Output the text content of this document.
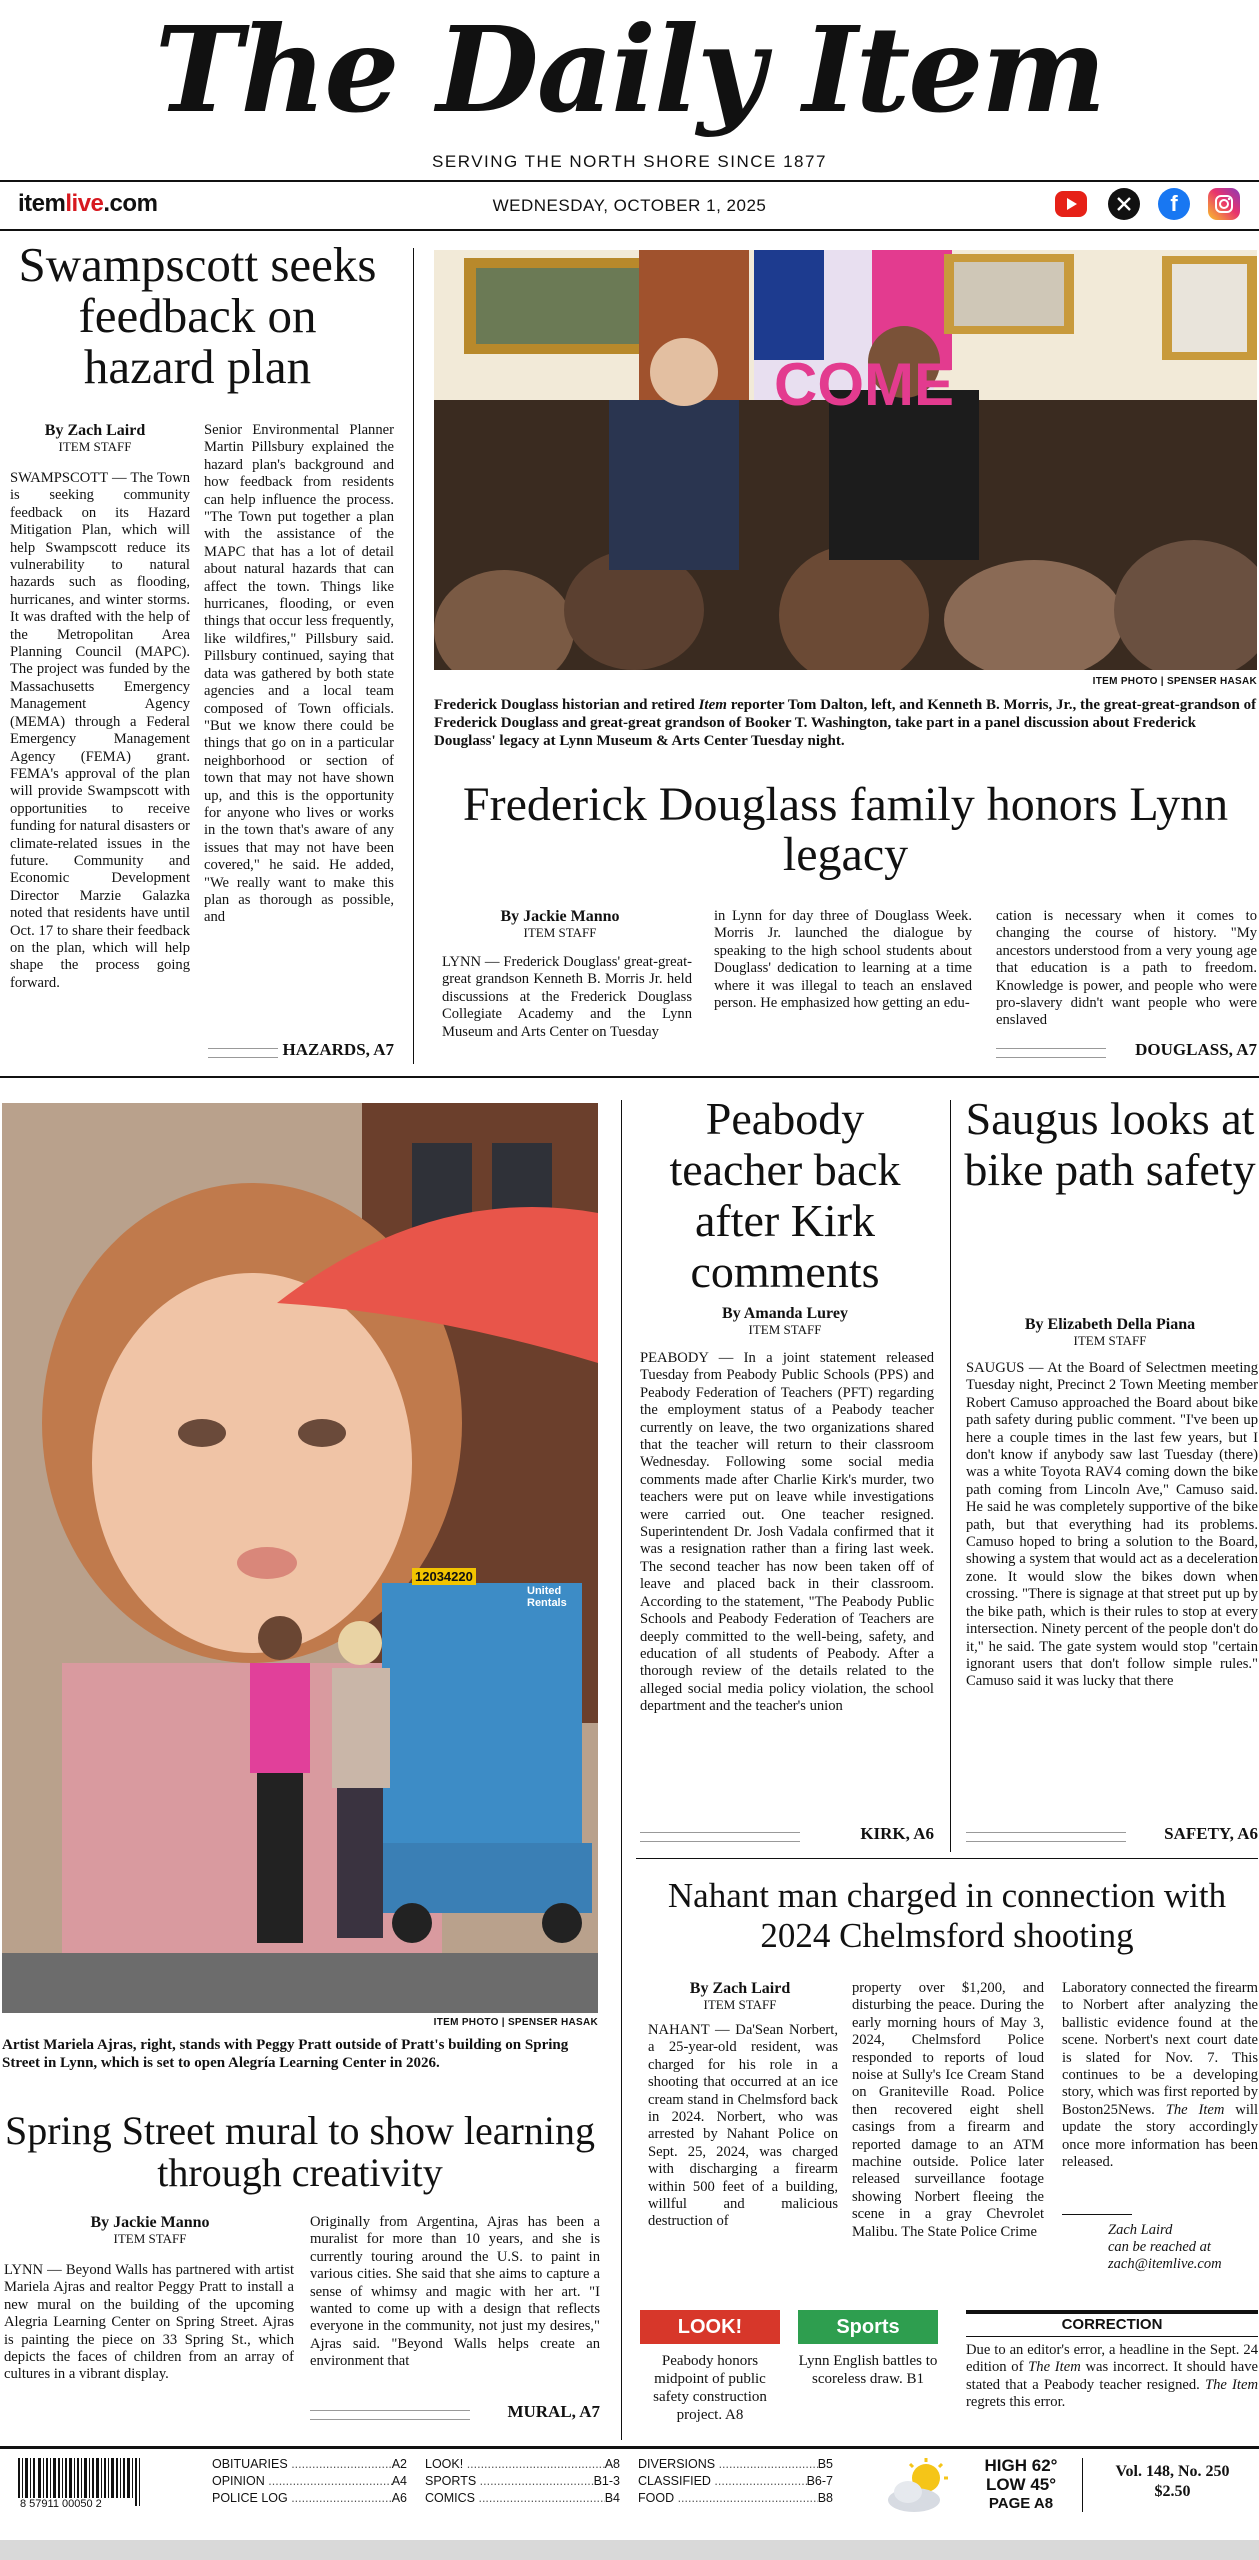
The Daily Item
SERVING THE NORTH SHORE SINCE 1877
itemlive.com	WEDNESDAY, OCTOBER 1, 2025	f
Swampscott seeks feedback on hazard plan
By Zach Laird
ITEM STAFF
SWAMPSCOTT — The Town is seeking community feedback on its Hazard Mitigation Plan, which will help Swampscott reduce its vulnerability to natural hazards such as flooding, hurricanes, and winter storms. It was drafted with the help of the Metropolitan Area Planning Council (MAPC). The project was funded by the Massachusetts Emergency Management Agency (MEMA) through a Federal Emergency Management Agency (FEMA) grant. FEMA's approval of the plan will provide Swampscott with opportunities to receive funding for natural disasters or climate-related issues in the future. Community and Economic Development Director Marzie Galazka noted that residents have until Oct. 17 to share their feedback on the plan, which will help shape the process going forward.
Senior Environmental Planner Martin Pillsbury explained the hazard plan's background and how feedback from residents can help influence the process. "The Town put together a plan with the assistance of the MAPC that has a lot of detail about natural hazards that can affect the town. Things like hurricanes, flooding, or even things that occur less frequently, like wildfires," Pillsbury said. Pillsbury continued, saying that data was gathered by both state agencies and a local team composed of Town officials. "But we know there could be things that go on in a particular neighborhood or section of town that may not have shown up, and this is the opportunity for anyone who lives or works in the town that's aware of any issues that may not have been covered," he said. He added, "We really want to make this plan as thorough as possible, and
HAZARDS, A7
COME
ITEM PHOTO | SPENSER HASAK
Frederick Douglass historian and retired Item reporter Tom Dalton, left, and Kenneth B. Morris, Jr., the great-great-grandson of Frederick Douglass and great-great grandson of Booker T. Washington, take part in a panel discussion about Frederick Douglass' legacy at Lynn Museum & Arts Center Tuesday night.
Frederick Douglass family honors Lynn legacy
By Jackie Manno
ITEM STAFF
LYNN — Frederick Douglass' great-great-great grandson Kenneth B. Morris Jr. held discussions at the Frederick Douglass Collegiate Academy and the Lynn Museum and Arts Center on Tuesday
in Lynn for day three of Douglass Week. Morris Jr. launched the dialogue by speaking to the high school students about Douglass' dedication to learning at a time where it was illegal to teach an enslaved person. He emphasized how getting an edu-
cation is necessary when it comes to changing the course of history. "My ancestors understood from a very young age that education is a path to freedom. Knowledge is power, and people who were pro-slavery didn't want people who were enslaved
DOUGLASS, A7
12034220
United Rentals
ITEM PHOTO | SPENSER HASAK
Artist Mariela Ajras, right, stands with Peggy Pratt outside of Pratt's building on Spring Street in Lynn, which is set to open Alegría Learning Center in 2026.
Spring Street mural to show learning through creativity
By Jackie Manno
ITEM STAFF
LYNN — Beyond Walls has partnered with artist Mariela Ajras and realtor Peggy Pratt to install a new mural on the building of the upcoming Alegria Learning Center on Spring Street. Ajras is painting the piece on 33 Spring St., which depicts the faces of children from an array of cultures in a vibrant display.
Originally from Argentina, Ajras has been a muralist for more than 10 years, and she is currently touring around the U.S. to paint in various cities. She said that she aims to capture a sense of whimsy and magic with her art. "I wanted to come up with a design that reflects everyone in the community, not just my desires," Ajras said. "Beyond Walls helps create an environment that
MURAL, A7
Peabody teacher back after Kirk comments
By Amanda Lurey
ITEM STAFF
PEABODY — In a joint statement released Tuesday from Peabody Public Schools (PPS) and Peabody Federation of Teachers (PFT) regarding the employment status of a Peabody teacher currently on leave, the two organizations shared that the teacher will return to their classroom Wednesday. Following some social media comments made after Charlie Kirk's murder, two teachers were put on leave while investigations were carried out. One teacher resigned. Superintendent Dr. Josh Vadala confirmed that it was a resignation rather than a firing last week. The second teacher has now been taken off of leave and placed back in their classroom. According to the statement, "The Peabody Public Schools and Peabody Federation of Teachers are deeply committed to the well-being, safety, and education of all students of Peabody. After a thorough review of the details related to the alleged social media policy violation, the school department and the teacher's union
KIRK, A6
Saugus looks at bike path safety
By Elizabeth Della Piana
ITEM STAFF
SAUGUS — At the Board of Selectmen meeting Tuesday night, Precinct 2 Town Meeting member Robert Camuso approached the Board about bike path safety during public comment. "I've been up here a couple times in the last few years, but I don't know if anybody saw last Tuesday (there) was a white Toyota RAV4 coming down the bike path coming from Lincoln Ave," Camuso said. He said he was completely supportive of the bike path, but that everything had its problems. Camuso hoped to bring a solution to the Board, showing a system that would act as a deceleration zone. It would slow the bikes down when crossing. "There is signage at that street put up by the bike path, which is their rules to stop at every intersection. Ninety percent of the people don't do it," he said. The gate system would stop "certain ignorant users that don't follow simple rules." Camuso said it was lucky that there
SAFETY, A6
Nahant man charged in connection with 2024 Chelmsford shooting
By Zach Laird
ITEM STAFF
NAHANT — Da'Sean Norbert, a 25-year-old resident, was charged for his role in a shooting that occurred at an ice cream stand in Chelmsford back in 2024. Norbert, who was arrested by Nahant Police on Sept. 25, 2024, was charged with discharging a firearm within 500 feet of a building, willful and malicious destruction of
property over $1,200, and disturbing the peace. During the early morning hours of May 3, 2024, Chelmsford Police responded to reports of loud noise at Sully's Ice Cream Stand on Graniteville Road. Police then recovered eight shell casings from a firearm and reported damage to an ATM machine outside. Police later released surveillance footage showing Norbert fleeing the scene in a gray Chevrolet Malibu. The State Police Crime
Laboratory connected the firearm to Norbert after analyzing the ballistic evidence found at the scene. Norbert's next court date is slated for Nov. 7. This continues to be a developing story, which was first reported by Boston25News. The Item will update the story accordingly once more information has been released.
Zach Laird
can be reached at
zach@itemlive.com
LOOK!
Peabody honors midpoint of public safety construction project. A8
Sports
Lynn English battles to scoreless draw. B1
CORRECTION
Due to an editor's error, a headline in the Sept. 24 edition of The Item was incorrect. It should have stated that a Peabody teacher resigned. The Item regrets this error.
8 57911 00050 2
OBITUARIES .....	A2
OPINION .....	A4
POLICE LOG .....	A6
LOOK! .....	A8
SPORTS .....	B1-3
COMICS .....	B4
DIVERSIONS .....	B5
CLASSIFIED .....	B6-7
FOOD .....	B8
HIGH 62°
LOW 45°
PAGE A8
Vol. 148, No. 250
$2.50
